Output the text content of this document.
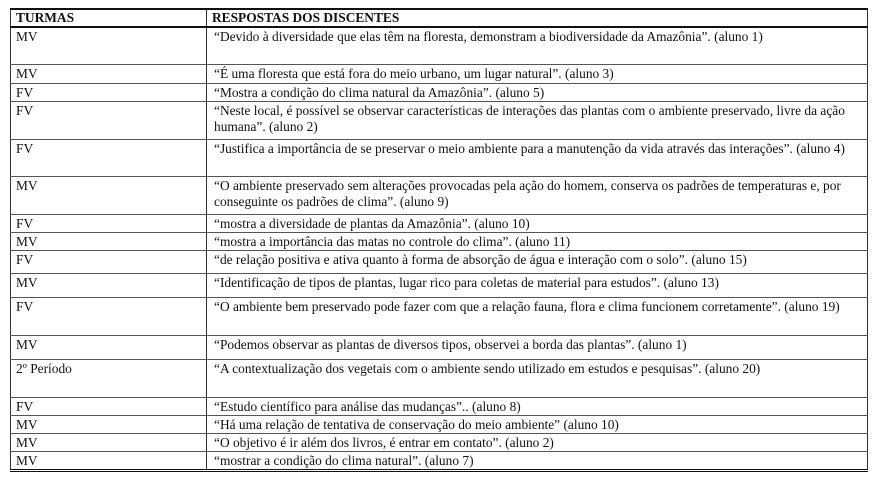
TURMAS	RESPOSTAS DOS DISCENTES
MV	“Devido à diversidade que elas têm na floresta, demonstram a biodiversidade da Amazônia”. (aluno 1)
MV	“É uma floresta que está fora do meio urbano, um lugar natural”. (aluno 3)
FV	“Mostra a condição do clima natural da Amazônia”. (aluno 5)
FV	“Neste local, é possível se observar características de interações das plantas com o ambiente preservado, livre da ação humana”. (aluno 2)
FV	“Justifica a importância de se preservar o meio ambiente para a manutenção da vida através das interações”. (aluno 4)
MV	“O ambiente preservado sem alterações provocadas pela ação do homem, conserva os padrões de temperaturas e, por conseguinte os padrões de clima”. (aluno 9)
FV	“mostra a diversidade de plantas da Amazônia”. (aluno 10)
MV	“mostra a importância das matas no controle do clima”. (aluno 11)
FV	“de relação positiva e ativa quanto à forma de absorção de água e interação com o solo”. (aluno 15)
MV	“Identificação de tipos de plantas, lugar rico para coletas de material para estudos”. (aluno 13)
FV	“O ambiente bem preservado pode fazer com que a relação fauna, flora e clima funcionem corretamente”. (aluno 19)
MV	“Podemos observar as plantas de diversos tipos, observei a borda das plantas”. (aluno 1)
2º Período	“A contextualização dos vegetais com o ambiente sendo utilizado em estudos e pesquisas”. (aluno 20)
FV	“Estudo científico para análise das mudanças”.. (aluno 8)
MV	“Há uma relação de tentativa de conservação do meio ambiente” (aluno 10)
MV	“O objetivo é ir além dos livros, é entrar em contato”. (aluno 2)
MV	“mostrar a condição do clima natural”. (aluno 7)
